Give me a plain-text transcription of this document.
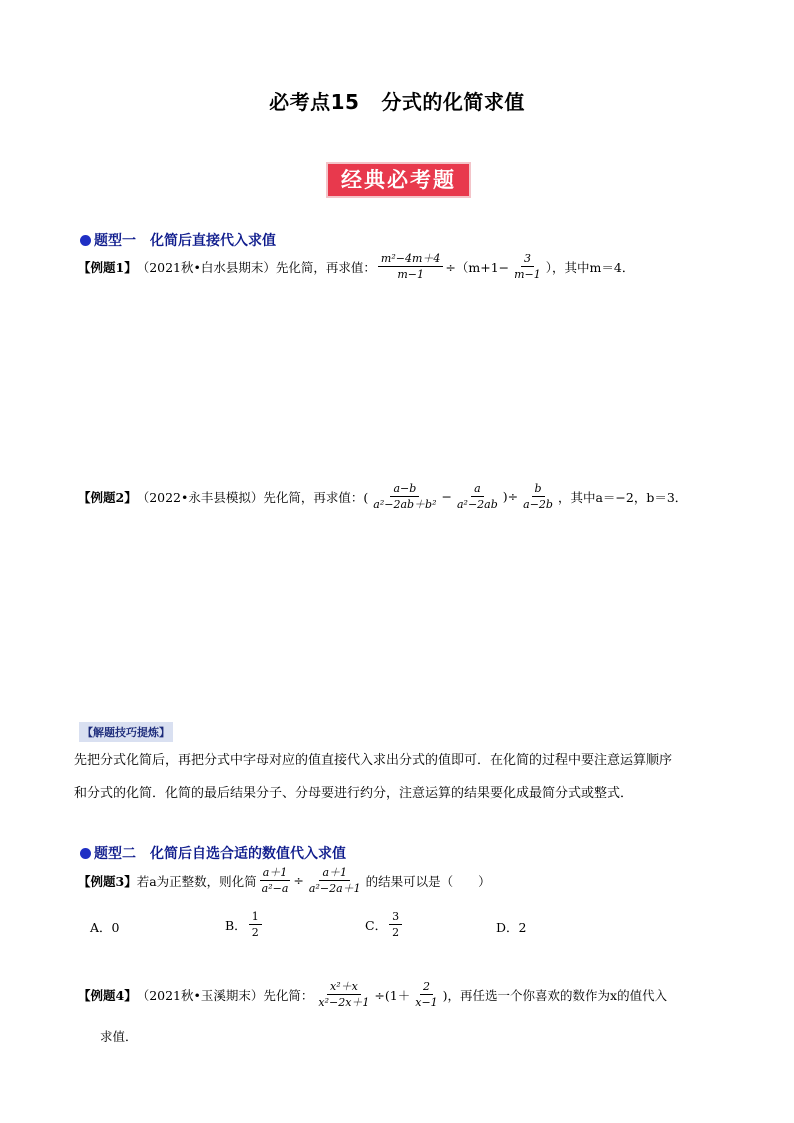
必考点15 分式的化简求值
经典必考题
题型一 化简后直接代入求值
【例题1】 （2021秋•白水县期末）先化简，再求值： $\frac{\text{m²−4m＋4}}{m-1} \div(m+1- \frac{3}{m-1}$ ），其中m＝4．
【例题2】 （2022•永丰县模拟）先化简，再求值：( $\frac{a-b}{\text{a²−2ab＋b²}} - \frac{a}{\text{a²−2ab}}$ )÷ $\frac{b}{a-2b}$ ，其中a＝−2，b＝3．
【解题技巧提炼】
先把分式化简后，再把分式中字母对应的值直接代入求出分式的值即可．在化简的过程中要注意运算顺序
和分式的化简．化简的最后结果分子、分母要进行约分，注意运算的结果要化成最简分式或整式．
题型二 化简后自选合适的数值代入求值
【例题3】 若a为正整数，则化简 $\frac{a+1}{\text{a²−a}} \div \frac{a+1}{\text{a²−2a＋1}}$ 的结果可以是（　　）
A． 0	B． $\frac{1}{2}$	C． $\frac{3}{2}$	D． 2
【例题4】 （2021秋•玉溪期末）先化简： $\frac{\text{x²＋x}}{\text{x²−2x＋1}} \div(1+ \frac{2}{x-1}$ )，再任选一个你喜欢的数作为x的值代入
求值．
